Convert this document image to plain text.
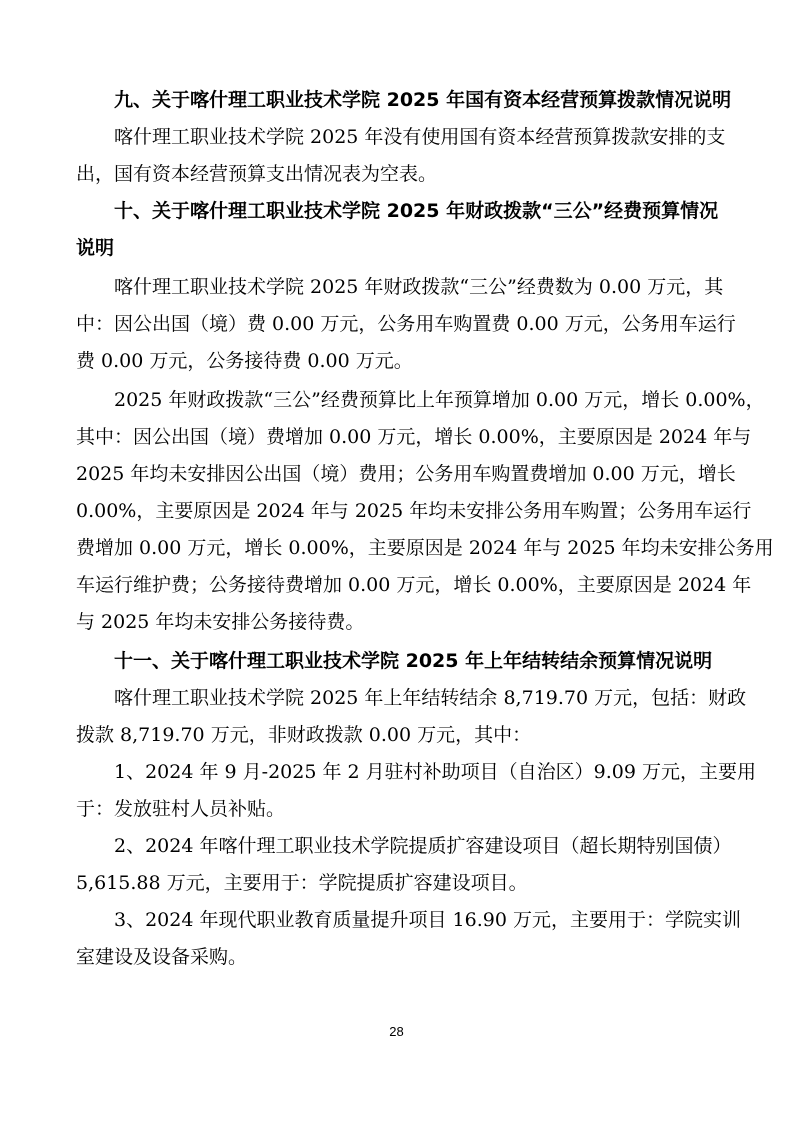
九、关于喀什理工职业技术学院 2025 年国有资本经营预算拨款情况说明
喀什理工职业技术学院 2025 年没有使用国有资本经营预算拨款安排的支
出，国有资本经营预算支出情况表为空表。
十、关于喀什理工职业技术学院 2025 年财政拨款“三公”经费预算情况
说明
喀什理工职业技术学院 2025 年财政拨款“三公”经费数为 0.00 万元，其
中：因公出国（境）费 0.00 万元，公务用车购置费 0.00 万元，公务用车运行
费 0.00 万元，公务接待费 0.00 万元。
2025 年财政拨款“三公”经费预算比上年预算增加 0.00 万元，增长 0.00%，
其中：因公出国（境）费增加 0.00 万元，增长 0.00%，主要原因是 2024 年与
2025 年均未安排因公出国（境）费用；公务用车购置费增加 0.00 万元，增长
0.00%，主要原因是 2024 年与 2025 年均未安排公务用车购置；公务用车运行
费增加 0.00 万元，增长 0.00%，主要原因是 2024 年与 2025 年均未安排公务用
车运行维护费；公务接待费增加 0.00 万元，增长 0.00%，主要原因是 2024 年
与 2025 年均未安排公务接待费。
十一、关于喀什理工职业技术学院 2025 年上年结转结余预算情况说明
喀什理工职业技术学院 2025 年上年结转结余 8,719.70 万元，包括：财政
拨款 8,719.70 万元，非财政拨款 0.00 万元，其中：
1、2024 年 9 月-2025 年 2 月驻村补助项目（自治区）9.09 万元，主要用
于：发放驻村人员补贴。
2、2024 年喀什理工职业技术学院提质扩容建设项目（超长期特别国债）
5,615.88 万元，主要用于：学院提质扩容建设项目。
3、2024 年现代职业教育质量提升项目 16.90 万元，主要用于：学院实训
室建设及设备采购。
28
